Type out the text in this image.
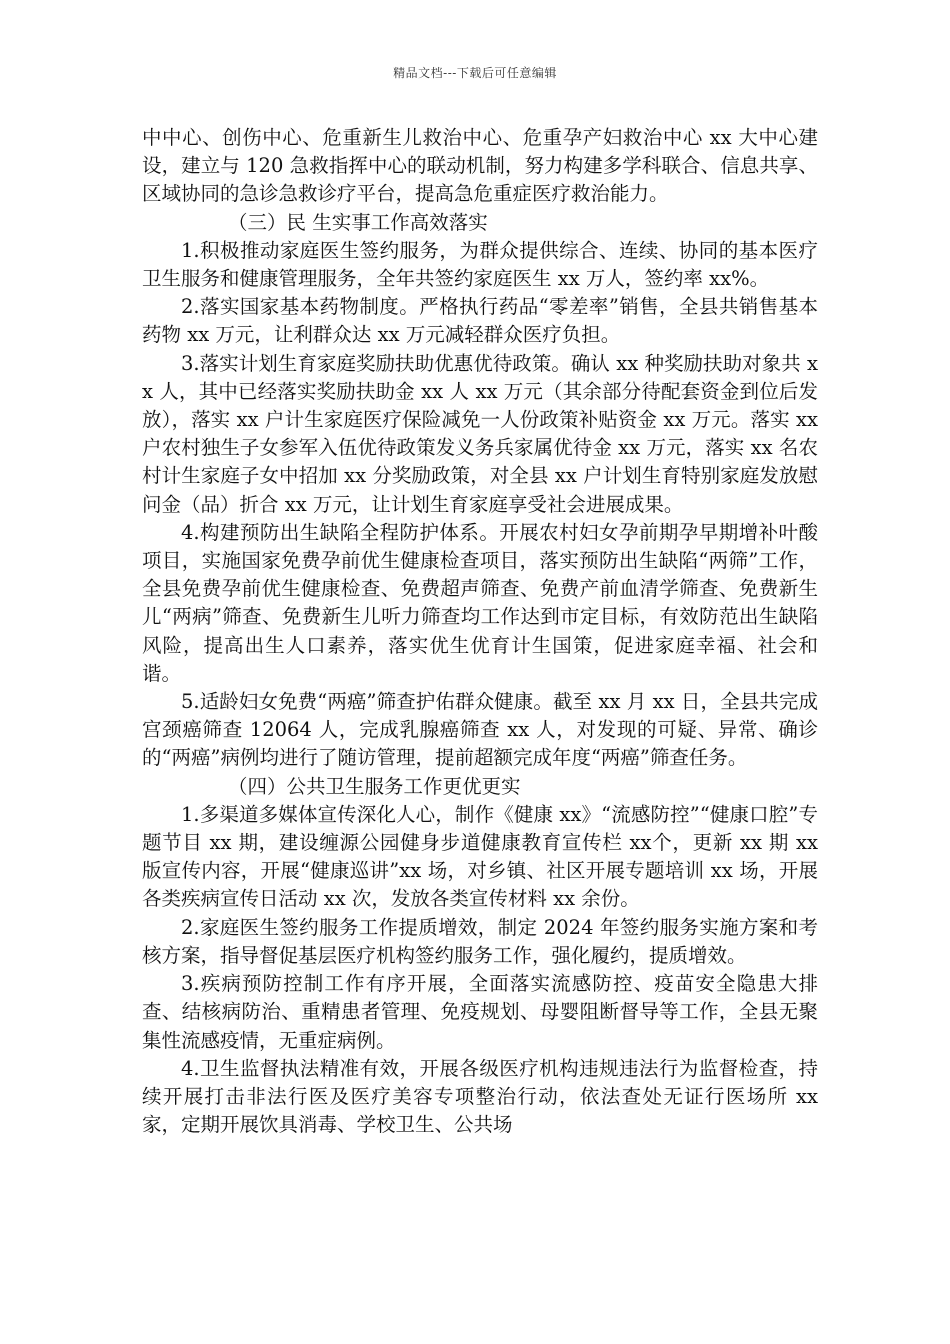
精品文档---下载后可任意编辑

中中心、创伤中心、危重新生儿救治中心、危重孕产妇救治中心 xx 大中心建设，建立与 120 急救指挥中心的联动机制，努力构建多学科联合、信息共享、区域协同的急诊急救诊疗平台，提高急危重症医疗救治能力。

（三）民 生实事工作高效落实

1.积极推动家庭医生签约服务，为群众提供综合、连续、协同的基本医疗卫生服务和健康管理服务，全年共签约家庭医生 xx 万人，签约率 xx%。

2.落实国家基本药物制度。严格执行药品“零差率”销售，全县共销售基本药物 xx 万元，让利群众达 xx 万元减轻群众医疗负担。

3.落实计划生育家庭奖励扶助优惠优待政策。确认 xx 种奖励扶助对象共 xx 人，其中已经落实奖励扶助金 xx 人 xx 万元（其余部分待配套资金到位后发放），落实 xx 户计生家庭医疗保险减免一人份政策补贴资金 xx 万元。落实 xx 户农村独生子女参军入伍优待政策发义务兵家属优待金 xx 万元，落实 xx 名农村计生家庭子女中招加 xx 分奖励政策，对全县 xx 户计划生育特别家庭发放慰问金（品）折合 xx 万元，让计划生育家庭享受社会进展成果。

4.构建预防出生缺陷全程防护体系。开展农村妇女孕前期孕早期增补叶酸项目，实施国家免费孕前优生健康检查项目，落实预防出生缺陷“两筛”工作，全县免费孕前优生健康检查、免费超声筛查、免费产前血清学筛查、免费新生儿“两病”筛查、免费新生儿听力筛查均工作达到市定目标，有效防范出生缺陷风险，提高出生人口素养，落实优生优育计生国策，促进家庭幸福、社会和谐。

5.适龄妇女免费“两癌”筛查护佑群众健康。截至 xx 月 xx 日，全县共完成宫颈癌筛查 12064 人，完成乳腺癌筛查 xx 人，对发现的可疑、异常、确诊的“两癌”病例均进行了随访管理，提前超额完成年度“两癌”筛查任务。

（四）公共卫生服务工作更优更实

1.多渠道多媒体宣传深化人心，制作《健康 xx》“流感防控”“健康口腔”专题节目 xx 期，建设缠源公园健身步道健康教育宣传栏 xx个，更新 xx 期 xx 版宣传内容，开展“健康巡讲”xx 场，对乡镇、社区开展专题培训 xx 场，开展各类疾病宣传日活动 xx 次，发放各类宣传材料 xx 余份。

2.家庭医生签约服务工作提质增效，制定 2024 年签约服务实施方案和考核方案，指导督促基层医疗机构签约服务工作，强化履约，提质增效。

3.疾病预防控制工作有序开展，全面落实流感防控、疫苗安全隐患大排查、结核病防治、重精患者管理、免疫规划、母婴阻断督导等工作，全县无聚集性流感疫情，无重症病例。

4.卫生监督执法精准有效，开展各级医疗机构违规违法行为监督检查，持续开展打击非法行医及医疗美容专项整治行动，依法查处无证行医场所 xx 家，定期开展饮具消毒、学校卫生、公共场
